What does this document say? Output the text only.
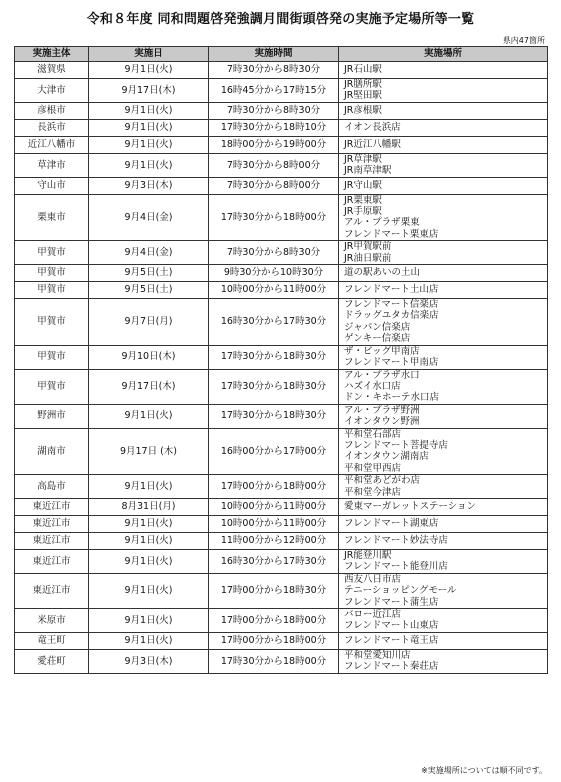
令和８年度 同和問題啓発強調月間街頭啓発の実施予定場所等一覧
県内47箇所
実施主体	実施日	実施時間	実施場所
滋賀県	9月1日(火)	7時30分から8時30分	JR石山駅

大津市	9月17日(木)	16時45分から17時15分	JR膳所駅
JR堅田駅

彦根市	9月1日(火)	7時30分から8時30分	JR彦根駅

長浜市	9月1日(火)	17時30分から18時10分	イオン長浜店

近江八幡市	9月1日(火)	18時00分から19時00分	JR近江八幡駅

草津市	9月1日(火)	7時30分から8時00分	JR草津駅
JR南草津駅

守山市	9月3日(木)	7時30分から8時00分	JR守山駅

栗東市	9月4日(金)	17時30分から18時00分	JR栗東駅
JR手原駅
アル・プラザ栗東
フレンドマート栗東店

甲賀市	9月4日(金)	7時30分から8時30分	JR甲賀駅前
JR油日駅前

甲賀市	9月5日(土)	9時30分から10時30分	道の駅あいの土山

甲賀市	9月5日(土)	10時00分から11時00分	フレンドマート土山店

甲賀市	9月7日(月)	16時30分から17時30分	フレンドマート信楽店
ドラッグユタカ信楽店
ジャパン信楽店
ゲンキー信楽店

甲賀市	9月10日(木)	17時30分から18時30分	ザ・ビッグ甲南店
フレンドマート甲南店

甲賀市	9月17日(木)	17時30分から18時30分	アル・プラザ水口
ハズイ水口店
ドン・キホーテ水口店

野洲市	9月1日(火)	17時30分から18時30分	アル・プラザ野洲
イオンタウン野洲

湖南市	9月17日 (木)	16時00分から17時00分	平和堂石部店
フレンドマート菩提寺店
イオンタウン湖南店
平和堂甲西店

高島市	9月1日(火)	17時00分から18時00分	平和堂あどがわ店
平和堂今津店

東近江市	8月31日(月)	10時00分から11時00分	愛東マーガレットステーション

東近江市	9月1日(火)	10時00分から11時00分	フレンドマート湖東店

東近江市	9月1日(火)	11時00分から12時00分	フレンドマート妙法寺店

東近江市	9月1日(火)	16時30分から17時30分	JR能登川駅
フレンドマート能登川店

東近江市	9月1日(火)	17時00分から18時30分	西友八日市店
テニーショッピングモール
フレンドマート蒲生店

米原市	9月1日(火)	17時00分から18時00分	バロー近江店
フレンドマート山東店

竜王町	9月1日(火)	17時00分から18時00分	フレンドマート竜王店

愛荘町	9月3日(木)	17時30分から18時00分	平和堂愛知川店
フレンドマート秦荘店
※実施場所については順不同です。
